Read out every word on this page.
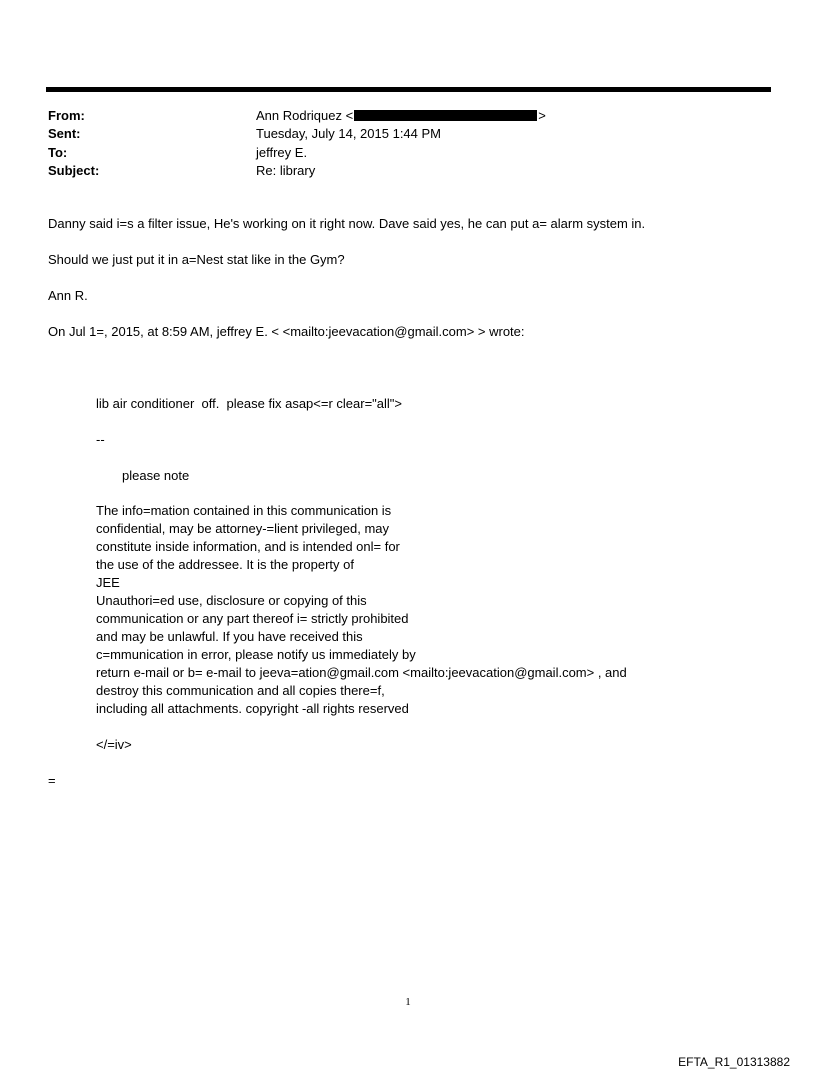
From:	Ann Rodriquez <	>
Sent:	Tuesday, July 14, 2015 1:44 PM
To:	jeffrey E.
Subject:	Re: library
Danny said i=s a filter issue, He's working on it right now. Dave said yes, he can put a= alarm system in.
Should we just put it in a=Nest stat like in the Gym?
Ann R.
On Jul 1=, 2015, at 8:59 AM, jeffrey E. < <mailto:jeevacation@gmail.com> > wrote:
lib air conditioner  off.  please fix asap<=r clear="all">
--
please note
The info=mation contained in this communication is
confidential, may be attorney-=lient privileged, may
constitute inside information, and is intended onl= for
the use of the addressee. It is the property of
JEE
Unauthori=ed use, disclosure or copying of this
communication or any part thereof i= strictly prohibited
and may be unlawful. If you have received this
c=mmunication in error, please notify us immediately by
return e-mail or b= e-mail to jeeva=ation@gmail.com <mailto:jeevacation@gmail.com> , and
destroy this communication and all copies there=f,
including all attachments. copyright -all rights reserved
</=iv>
=
1
EFTA_R1_01313882
